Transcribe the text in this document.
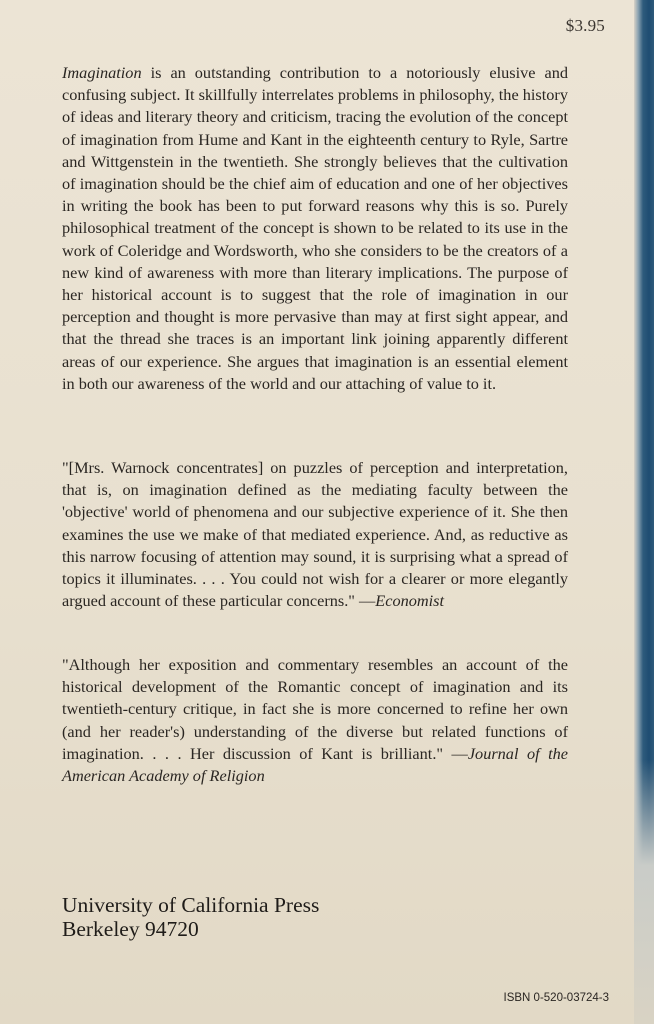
$3.95

Imagination is an outstanding contribution to a notoriously elusive and confusing subject. It skillfully interrelates problems in philosophy, the history of ideas and literary theory and criticism, tracing the evolution of the concept of imagination from Hume and Kant in the eighteenth century to Ryle, Sartre and Wittgenstein in the twentieth. She strongly believes that the cultivation of imagination should be the chief aim of education and one of her objectives in writing the book has been to put forward reasons why this is so. Purely philosophical treatment of the concept is shown to be related to its use in the work of Coleridge and Wordsworth, who she considers to be the creators of a new kind of awareness with more than literary implications. The purpose of her historical account is to suggest that the role of imagination in our perception and thought is more pervasive than may at first sight appear, and that the thread she traces is an important link joining apparently different areas of our experience. She argues that imagination is an essential element in both our awareness of the world and our attaching of value to it.

"[Mrs. Warnock concentrates] on puzzles of perception and interpretation, that is, on imagination defined as the mediating faculty between the 'objective' world of phenomena and our subjective experience of it. She then examines the use we make of that mediated experience. And, as reductive as this narrow focusing of attention may sound, it is surprising what a spread of topics it illuminates. . . . You could not wish for a clearer or more elegantly argued account of these particular concerns." —Economist

"Although her exposition and commentary resembles an account of the historical development of the Romantic concept of imagination and its twentieth-century critique, in fact she is more concerned to refine her own (and her reader's) understanding of the diverse but related functions of imagination. . . . Her discussion of Kant is brilliant." —Journal of the American Academy of Religion

University of California Press
Berkeley 94720
ISBN 0-520-03724-3
